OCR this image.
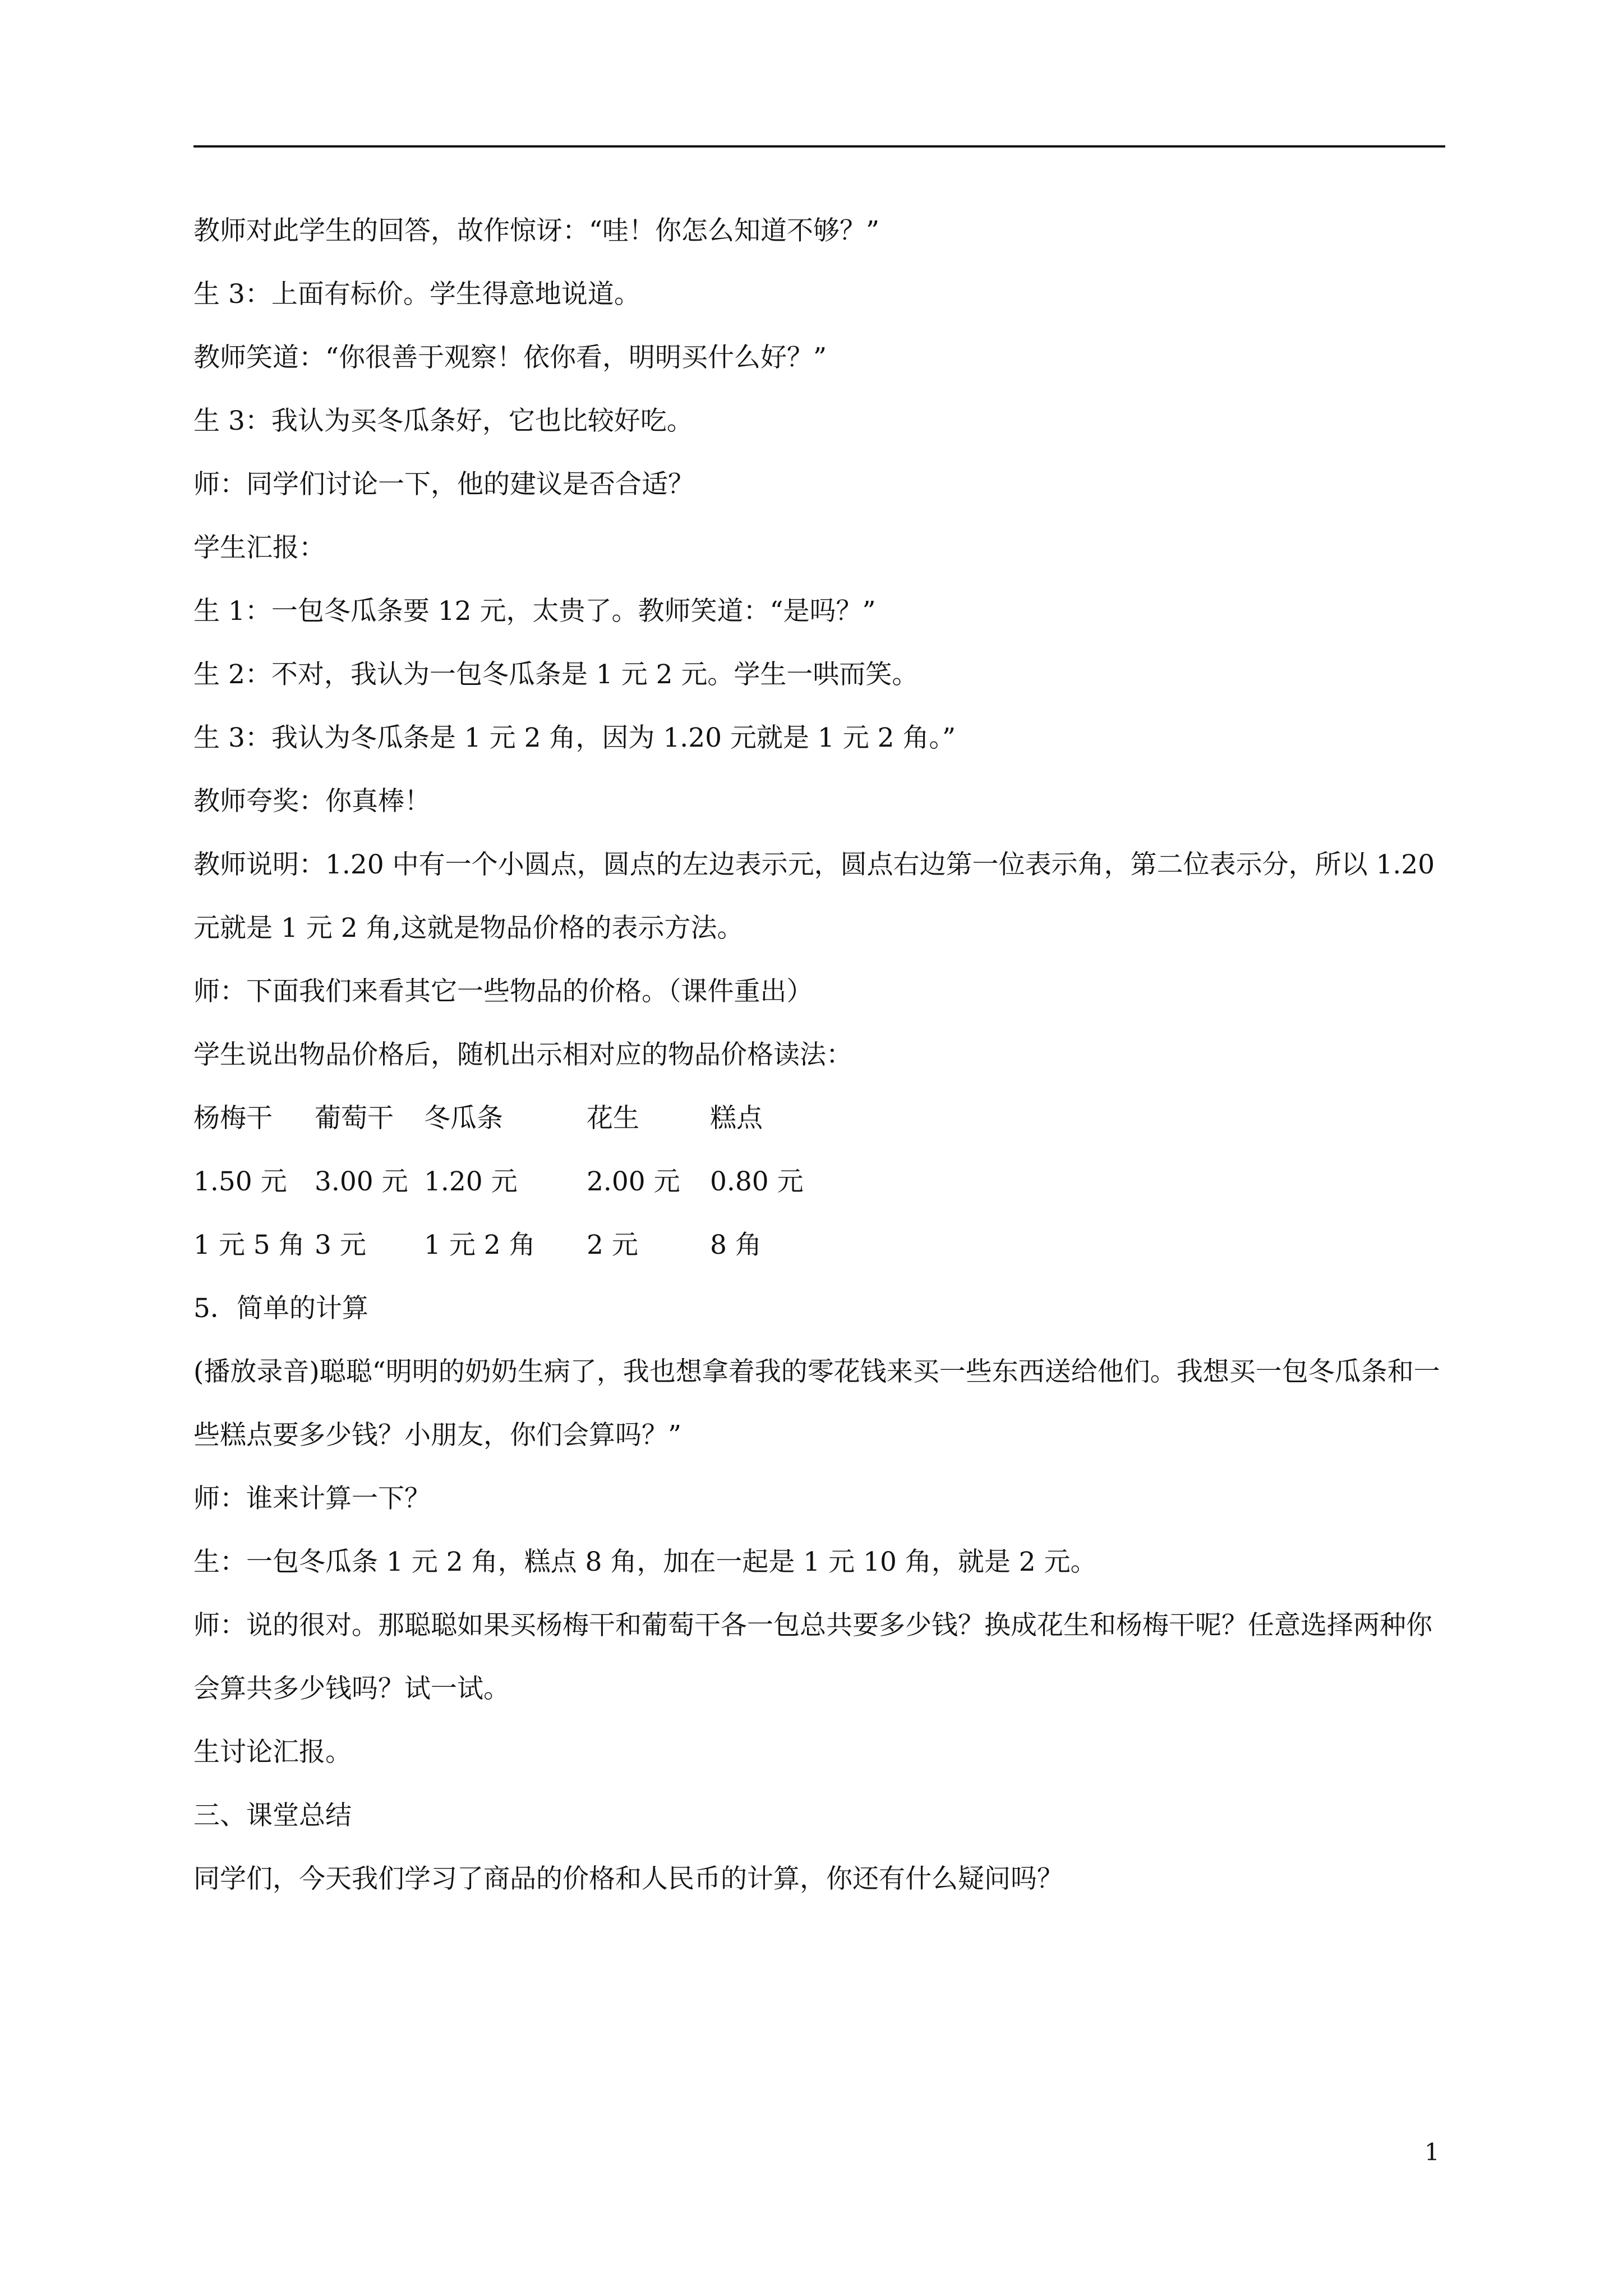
教师对此学生的回答，故作惊讶：“哇！你怎么知道不够？”

生 3：上面有标价。学生得意地说道。

教师笑道：“你很善于观察！依你看，明明买什么好？”

生 3：我认为买冬瓜条好，它也比较好吃。

师：同学们讨论一下，他的建议是否合适？

学生汇报：

生 1：一包冬瓜条要 12 元，太贵了。教师笑道：“是吗？”

生 2：不对，我认为一包冬瓜条是 1 元 2 元。学生一哄而笑。

生 3：我认为冬瓜条是 1 元 2 角，因为 1.20 元就是 1 元 2 角。”

教师夸奖：你真棒！

教师说明：1.20 中有一个小圆点，圆点的左边表示元，圆点右边第一位表示角，第二位表示分，所以 1.20 元就是 1 元 2 角,这就是物品价格的表示方法。

师：下面我们来看其它一些物品的价格。（课件重出）

学生说出物品价格后，随机出示相对应的物品价格读法：

杨梅干	葡萄干	冬瓜条	花生	糕点
1.50 元	3.00 元	1.20 元	2.00 元	0.80 元
1 元 5 角	3 元	1 元 2 角	2 元	8 角

5．简单的计算

(播放录音)聪聪“明明的奶奶生病了，我也想拿着我的零花钱来买一些东西送给他们。我想买一包冬瓜条和一些糕点要多少钱？小朋友，你们会算吗？”

师：谁来计算一下？

生：一包冬瓜条 1 元 2 角，糕点 8 角，加在一起是 1 元 10 角，就是 2 元。

师：说的很对。那聪聪如果买杨梅干和葡萄干各一包总共要多少钱？换成花生和杨梅干呢？任意选择两种你会算共多少钱吗？试一试。

生讨论汇报。

三、课堂总结

同学们，今天我们学习了商品的价格和人民币的计算，你还有什么疑问吗？

1
